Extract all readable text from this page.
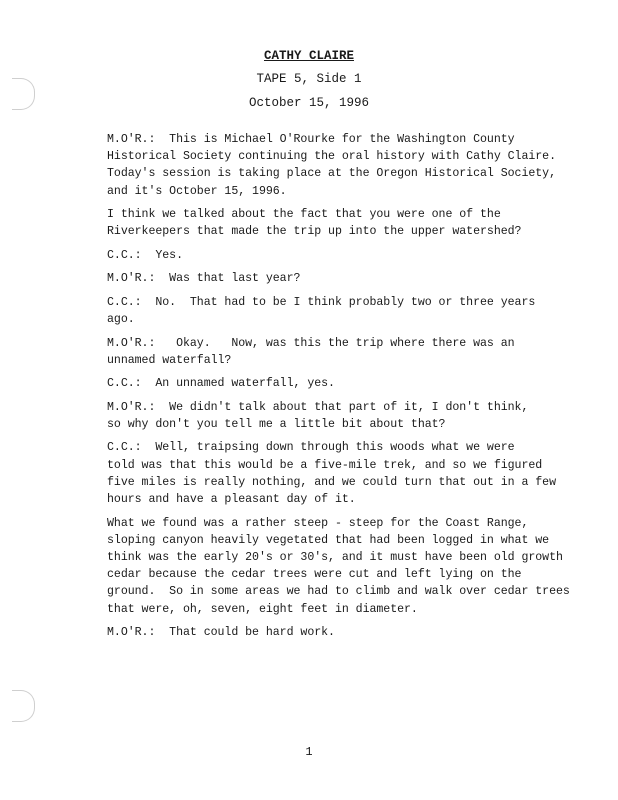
CATHY CLAIRE
TAPE 5, Side 1
October 15, 1996
M.O'R.:  This is Michael O'Rourke for the Washington County
Historical Society continuing the oral history with Cathy Claire.
Today's session is taking place at the Oregon Historical Society,
and it's October 15, 1996.
I think we talked about the fact that you were one of the
Riverkeepers that made the trip up into the upper watershed?
C.C.:  Yes.
M.O'R.:  Was that last year?
C.C.:  No.  That had to be I think probably two or three years
ago.
M.O'R.:   Okay.   Now, was this the trip where there was an
unnamed waterfall?
C.C.:  An unnamed waterfall, yes.
M.O'R.:  We didn't talk about that part of it, I don't think,
so why don't you tell me a little bit about that?
C.C.:  Well, traipsing down through this woods what we were
told was that this would be a five-mile trek, and so we figured
five miles is really nothing, and we could turn that out in a few
hours and have a pleasant day of it.
What we found was a rather steep - steep for the Coast Range,
sloping canyon heavily vegetated that had been logged in what we
think was the early 20's or 30's, and it must have been old growth
cedar because the cedar trees were cut and left lying on the
ground.  So in some areas we had to climb and walk over cedar trees
that were, oh, seven, eight feet in diameter.
M.O'R.:  That could be hard work.
1
